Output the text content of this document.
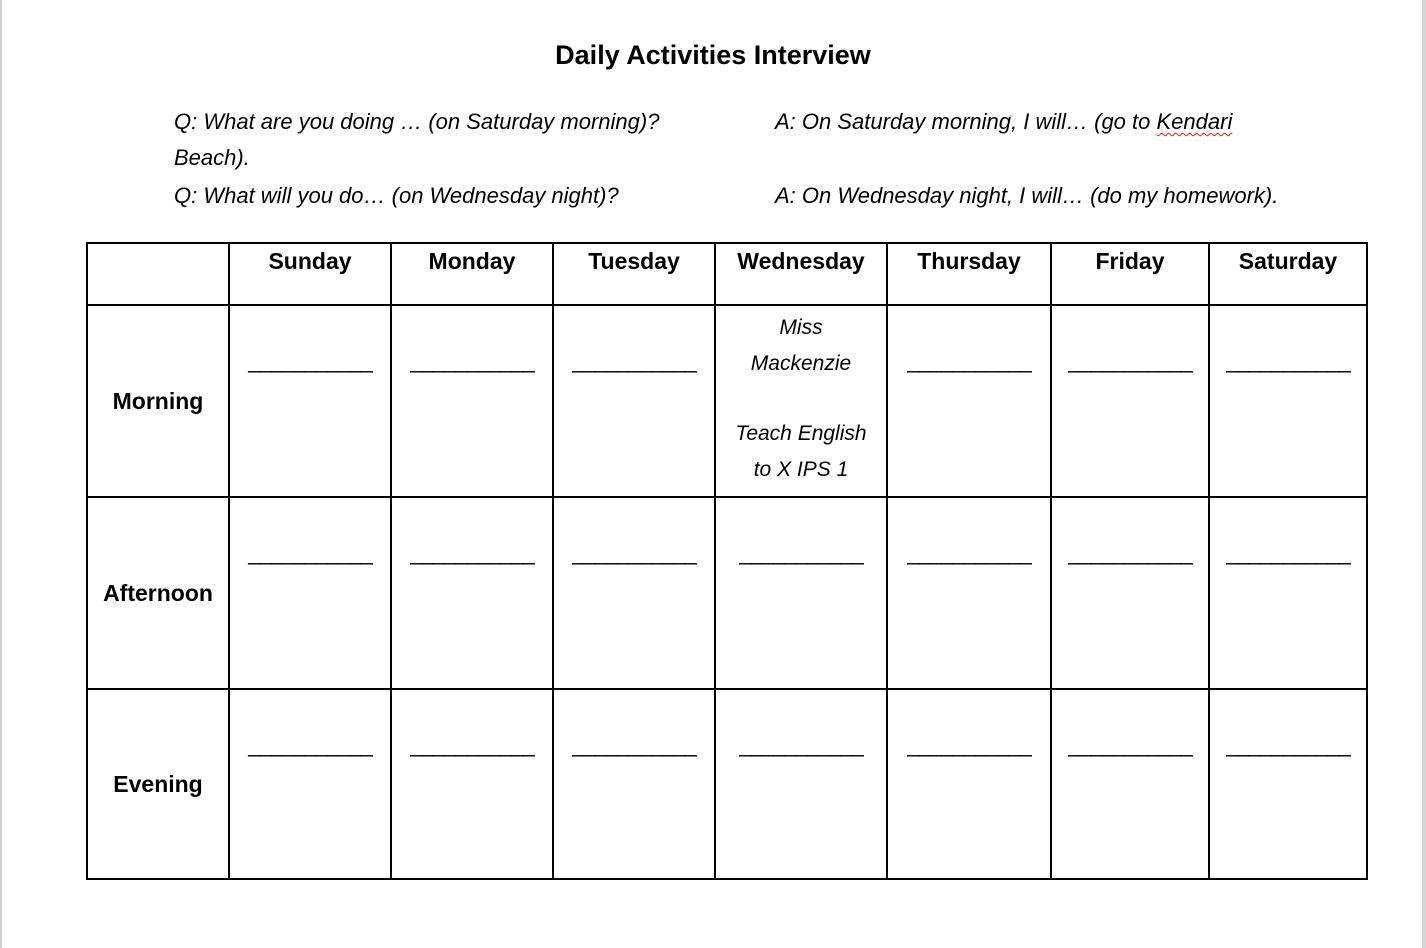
Daily Activities Interview
Q: What are you doing … (on Saturday morning)?
Beach).
A: On Saturday morning, I will… (go to Kendari
Q: What will you do… (on Wednesday night)?	A: On Wednesday night, I will… (do my homework).
	Sunday	Monday	Tuesday	Wednesday	Thursday	Friday	Saturday
Morning	___________	___________	___________	Miss
Mackenzie
Teach English
to X IPS 1	___________	___________	___________

Afternoon	___________	___________	___________	___________	___________	___________	___________

Evening	___________	___________	___________	___________	___________	___________	___________
